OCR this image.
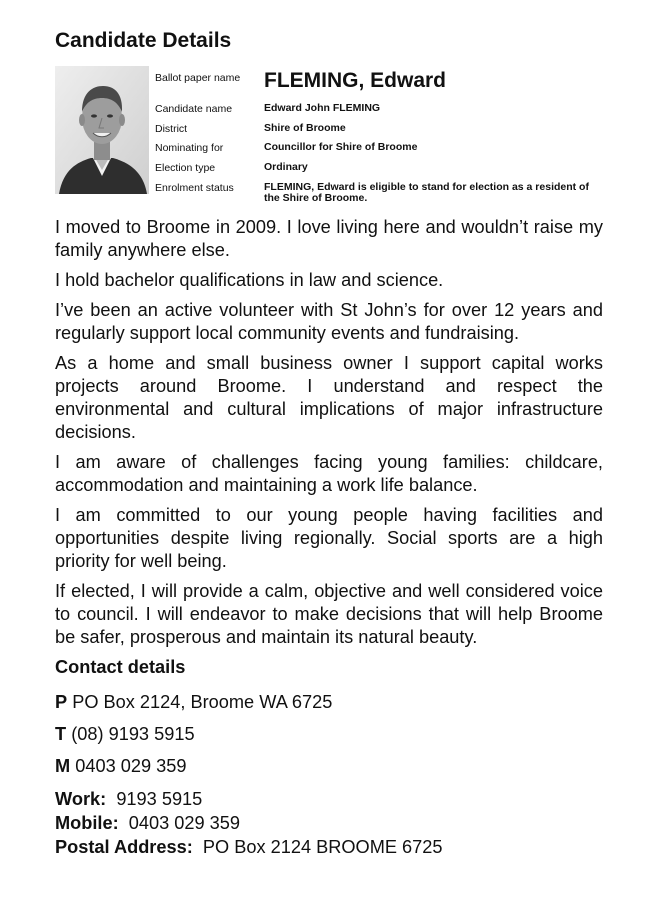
Candidate Details
Ballot paper name	FLEMING, Edward
Candidate name	Edward John FLEMING
District	Shire of Broome
Nominating for	Councillor for Shire of Broome
Election type	Ordinary
Enrolment status	FLEMING, Edward is eligible to stand for election as a resident of the Shire of Broome.

I moved to Broome in 2009. I love living here and wouldn’t raise my family anywhere else.

I hold bachelor qualifications in law and science.

I’ve been an active volunteer with St John’s for over 12 years and regularly support local community events and fundraising.

As a home and small business owner I support capital works projects around Broome. I understand and respect the environmental and cultural implications of major infrastructure decisions.

I am aware of challenges facing young families: childcare, accommodation and maintaining a work life balance.

I am committed to our young people having facilities and opportunities despite living regionally. Social sports are a high priority for well being.

If elected, I will provide a calm, objective and well considered voice to council. I will endeavor to make decisions that will help Broome be safer, prosperous and maintain its natural beauty.

Contact details
P PO Box 2124, Broome WA 6725
T (08) 9193 5915
M 0403 029 359
Work: 9193 5915
Mobile: 0403 029 359
Postal Address: PO Box 2124 BROOME 6725
